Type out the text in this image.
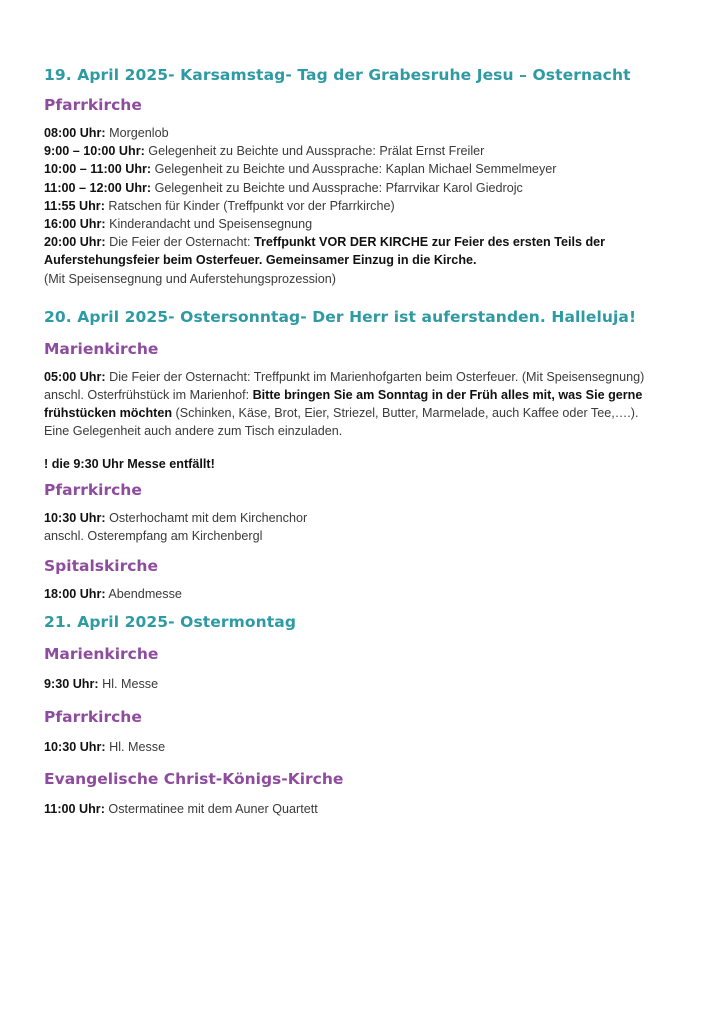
19. April 2025- Karsamstag- Tag der Grabesruhe Jesu – Osternacht
Pfarrkirche

08:00 Uhr: Morgenlob

9:00 – 10:00 Uhr: Gelegenheit zu Beichte und Aussprache: Prälat Ernst Freiler

10:00 – 11:00 Uhr: Gelegenheit zu Beichte und Aussprache: Kaplan Michael Semmelmeyer

11:00 – 12:00 Uhr: Gelegenheit zu Beichte und Aussprache: Pfarrvikar Karol Giedrojc

11:55 Uhr: Ratschen für Kinder (Treffpunkt vor der Pfarrkirche)

16:00 Uhr: Kinderandacht und Speisensegnung

20:00 Uhr: Die Feier der Osternacht: Treffpunkt VOR DER KIRCHE zur Feier des ersten Teils der

Auferstehungsfeier beim Osterfeuer. Gemeinsamer Einzug in die Kirche.

(Mit Speisensegnung und Auferstehungsprozession)

20. April 2025- Ostersonntag- Der Herr ist auferstanden. Halleluja!
Marienkirche

05:00 Uhr: Die Feier der Osternacht: Treffpunkt im Marienhofgarten beim Osterfeuer. (Mit Speisensegnung)

anschl. Osterfrühstück im Marienhof: Bitte bringen Sie am Sonntag in der Früh alles mit, was Sie gerne

frühstücken möchten (Schinken, Käse, Brot, Eier, Striezel, Butter, Marmelade, auch Kaffee oder Tee,….).

Eine Gelegenheit auch andere zum Tisch einzuladen.

! die 9:30 Uhr Messe entfällt!

Pfarrkirche

10:30 Uhr: Osterhochamt mit dem Kirchenchor

anschl. Osterempfang am Kirchenbergl

Spitalskirche

18:00 Uhr: Abendmesse

21. April 2025- Ostermontag
Marienkirche

9:30 Uhr: Hl. Messe

Pfarrkirche

10:30 Uhr: Hl. Messe

Evangelische Christ-Königs-Kirche

11:00 Uhr: Ostermatinee mit dem Auner Quartett
